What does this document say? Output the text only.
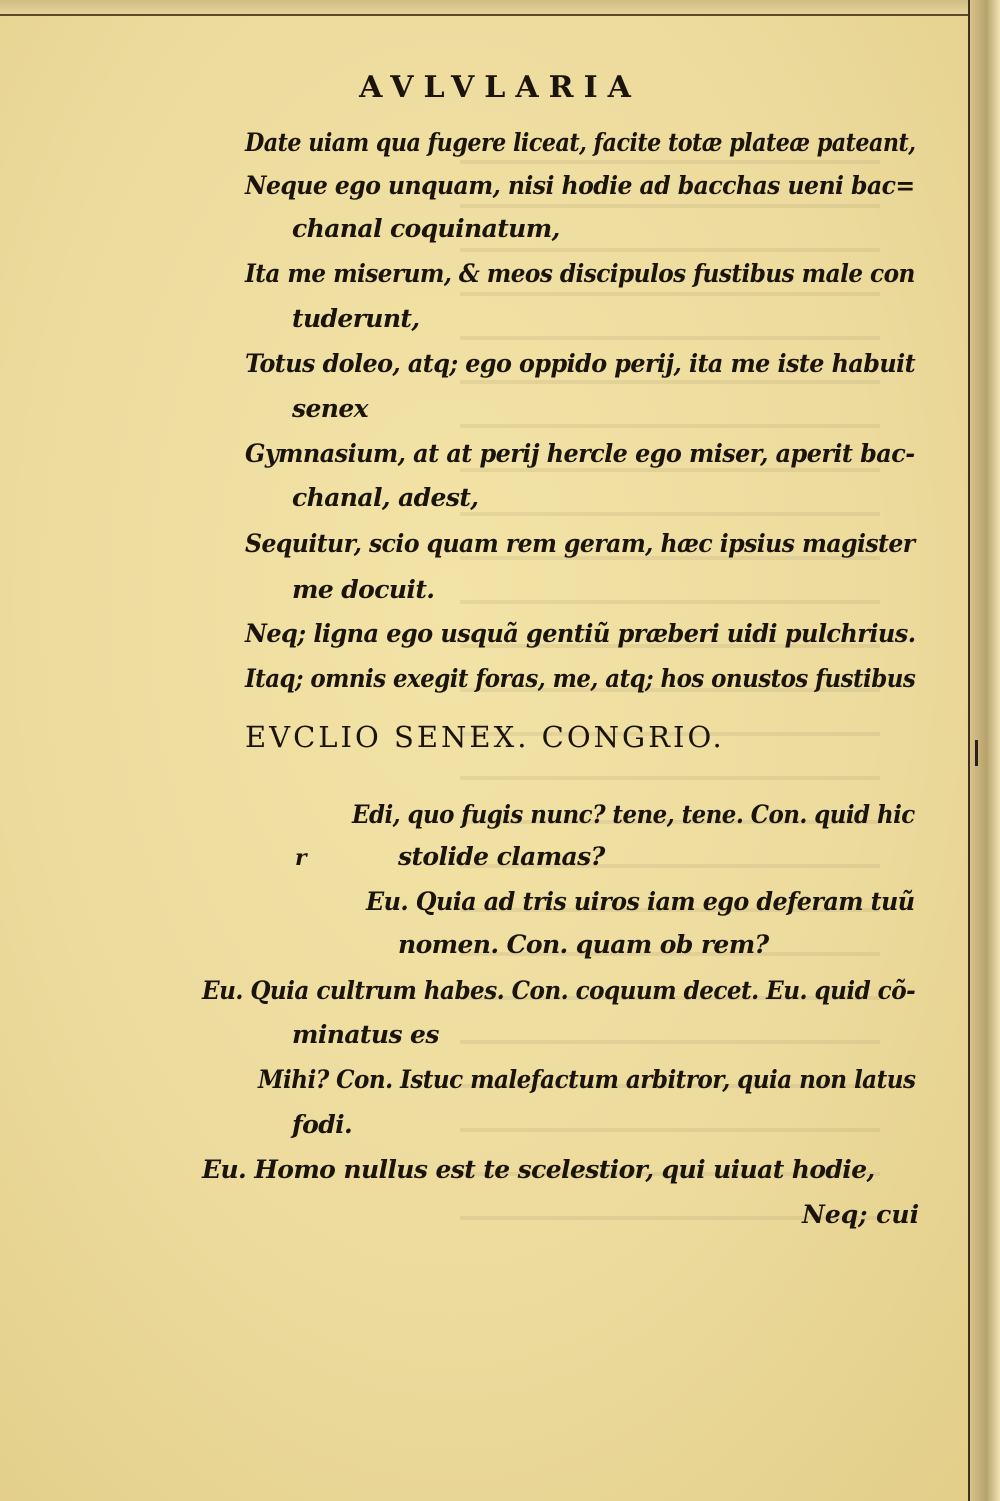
AVLVLARIA
Date uiam qua fugere liceat, facite totæ plateæ pateant,
Neque ego unquam, nisi hodie ad bacchas ueni bac=
chanal coquinatum,
Ita me miserum, & meos discipulos fustibus male con
tuderunt,
Totus doleo, atq; ego oppido perij, ita me iste habuit
senex
Gymnasium, at at perij hercle ego miser, aperit bac-
chanal, adest,
Sequitur, scio quam rem geram, hæc ipsius magister
me docuit.
Neq; ligna ego usquã gentiũ præberi uidi pulchrius.
Itaq; omnis exegit foras, me, atq; hos onustos fustibus
EVCLIO SENEX. CONGRIO.
r
Edi, quo fugis nunc? tene, tene. Con. quid hic
stolide clamas?
Eu. Quia ad tris uiros iam ego deferam tuũ
nomen. Con. quam ob rem?
Eu. Quia cultrum habes. Con. coquum decet. Eu. quid cõ-
minatus es
Mihi? Con. Istuc malefactum arbitror, quia non latus
fodi.
Eu. Homo nullus est te scelestior, qui uiuat hodie,
Neq; cui
